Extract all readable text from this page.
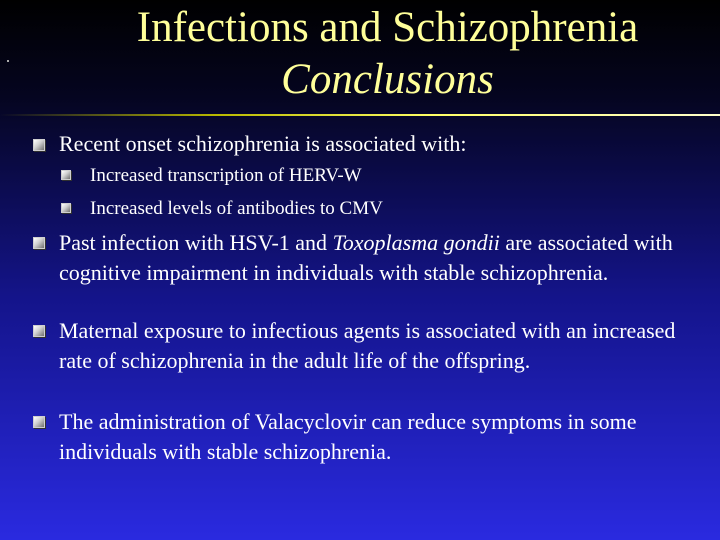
Infections and Schizophrenia
Conclusions
Recent onset schizophrenia is associated with:
Increased transcription of HERV-W
Increased levels of antibodies to CMV
Past infection with HSV-1 and Toxoplasma gondii are associated with cognitive impairment in individuals with stable schizophrenia.
Maternal exposure to infectious agents is associated with an increased rate of schizophrenia in the adult life of the offspring.
The administration of Valacyclovir can reduce symptoms in some individuals with stable schizophrenia.
